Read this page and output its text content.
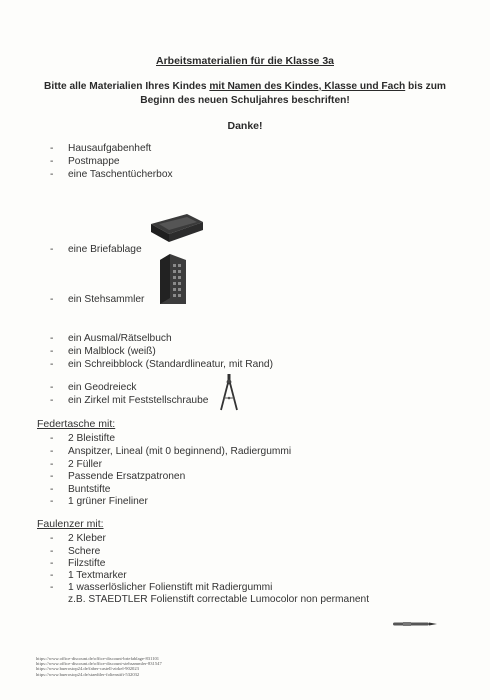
Arbeitsmaterialien für die Klasse 3a
Bitte alle Materialien Ihres Kindes mit Namen des Kindes, Klasse und Fach bis zum Beginn des neuen Schuljahres beschriften!
Danke!
- Hausaufgabenheft
- Postmappe
- eine Taschentücherbox
- eine Briefablage
- ein Stehsammler
- ein Ausmal/Rätselbuch
- ein Malblock (weiß)
- ein Schreibblock (Standardlineatur, mit Rand)
- ein Geodreieck
- ein Zirkel mit Feststellschraube
Federtasche mit:
- 2 Bleistifte
- Anspitzer, Lineal (mit 0 beginnend), Radiergummi
- 2 Füller
- Passende Ersatzpatronen
- Buntstifte
- 1 grüner Fineliner
Faulenzer mit:
- 2 Kleber
- Schere
- Filzstifte
- 1 Textmarker
- 1 wasserlöslicher Folienstift mit Radiergummi
z.B. STAEDTLER Folienstift correctable Lumocolor non permanent
https://www.office-discount.de/office-discount-briefablage-831101
https://www.office-discount.de/office-discount-stehsammler-831547
https://www.buerostop24.de/faber-castell-zirkel-902023
https://www.buerostop24.de/staedtler-folienstift-532032
